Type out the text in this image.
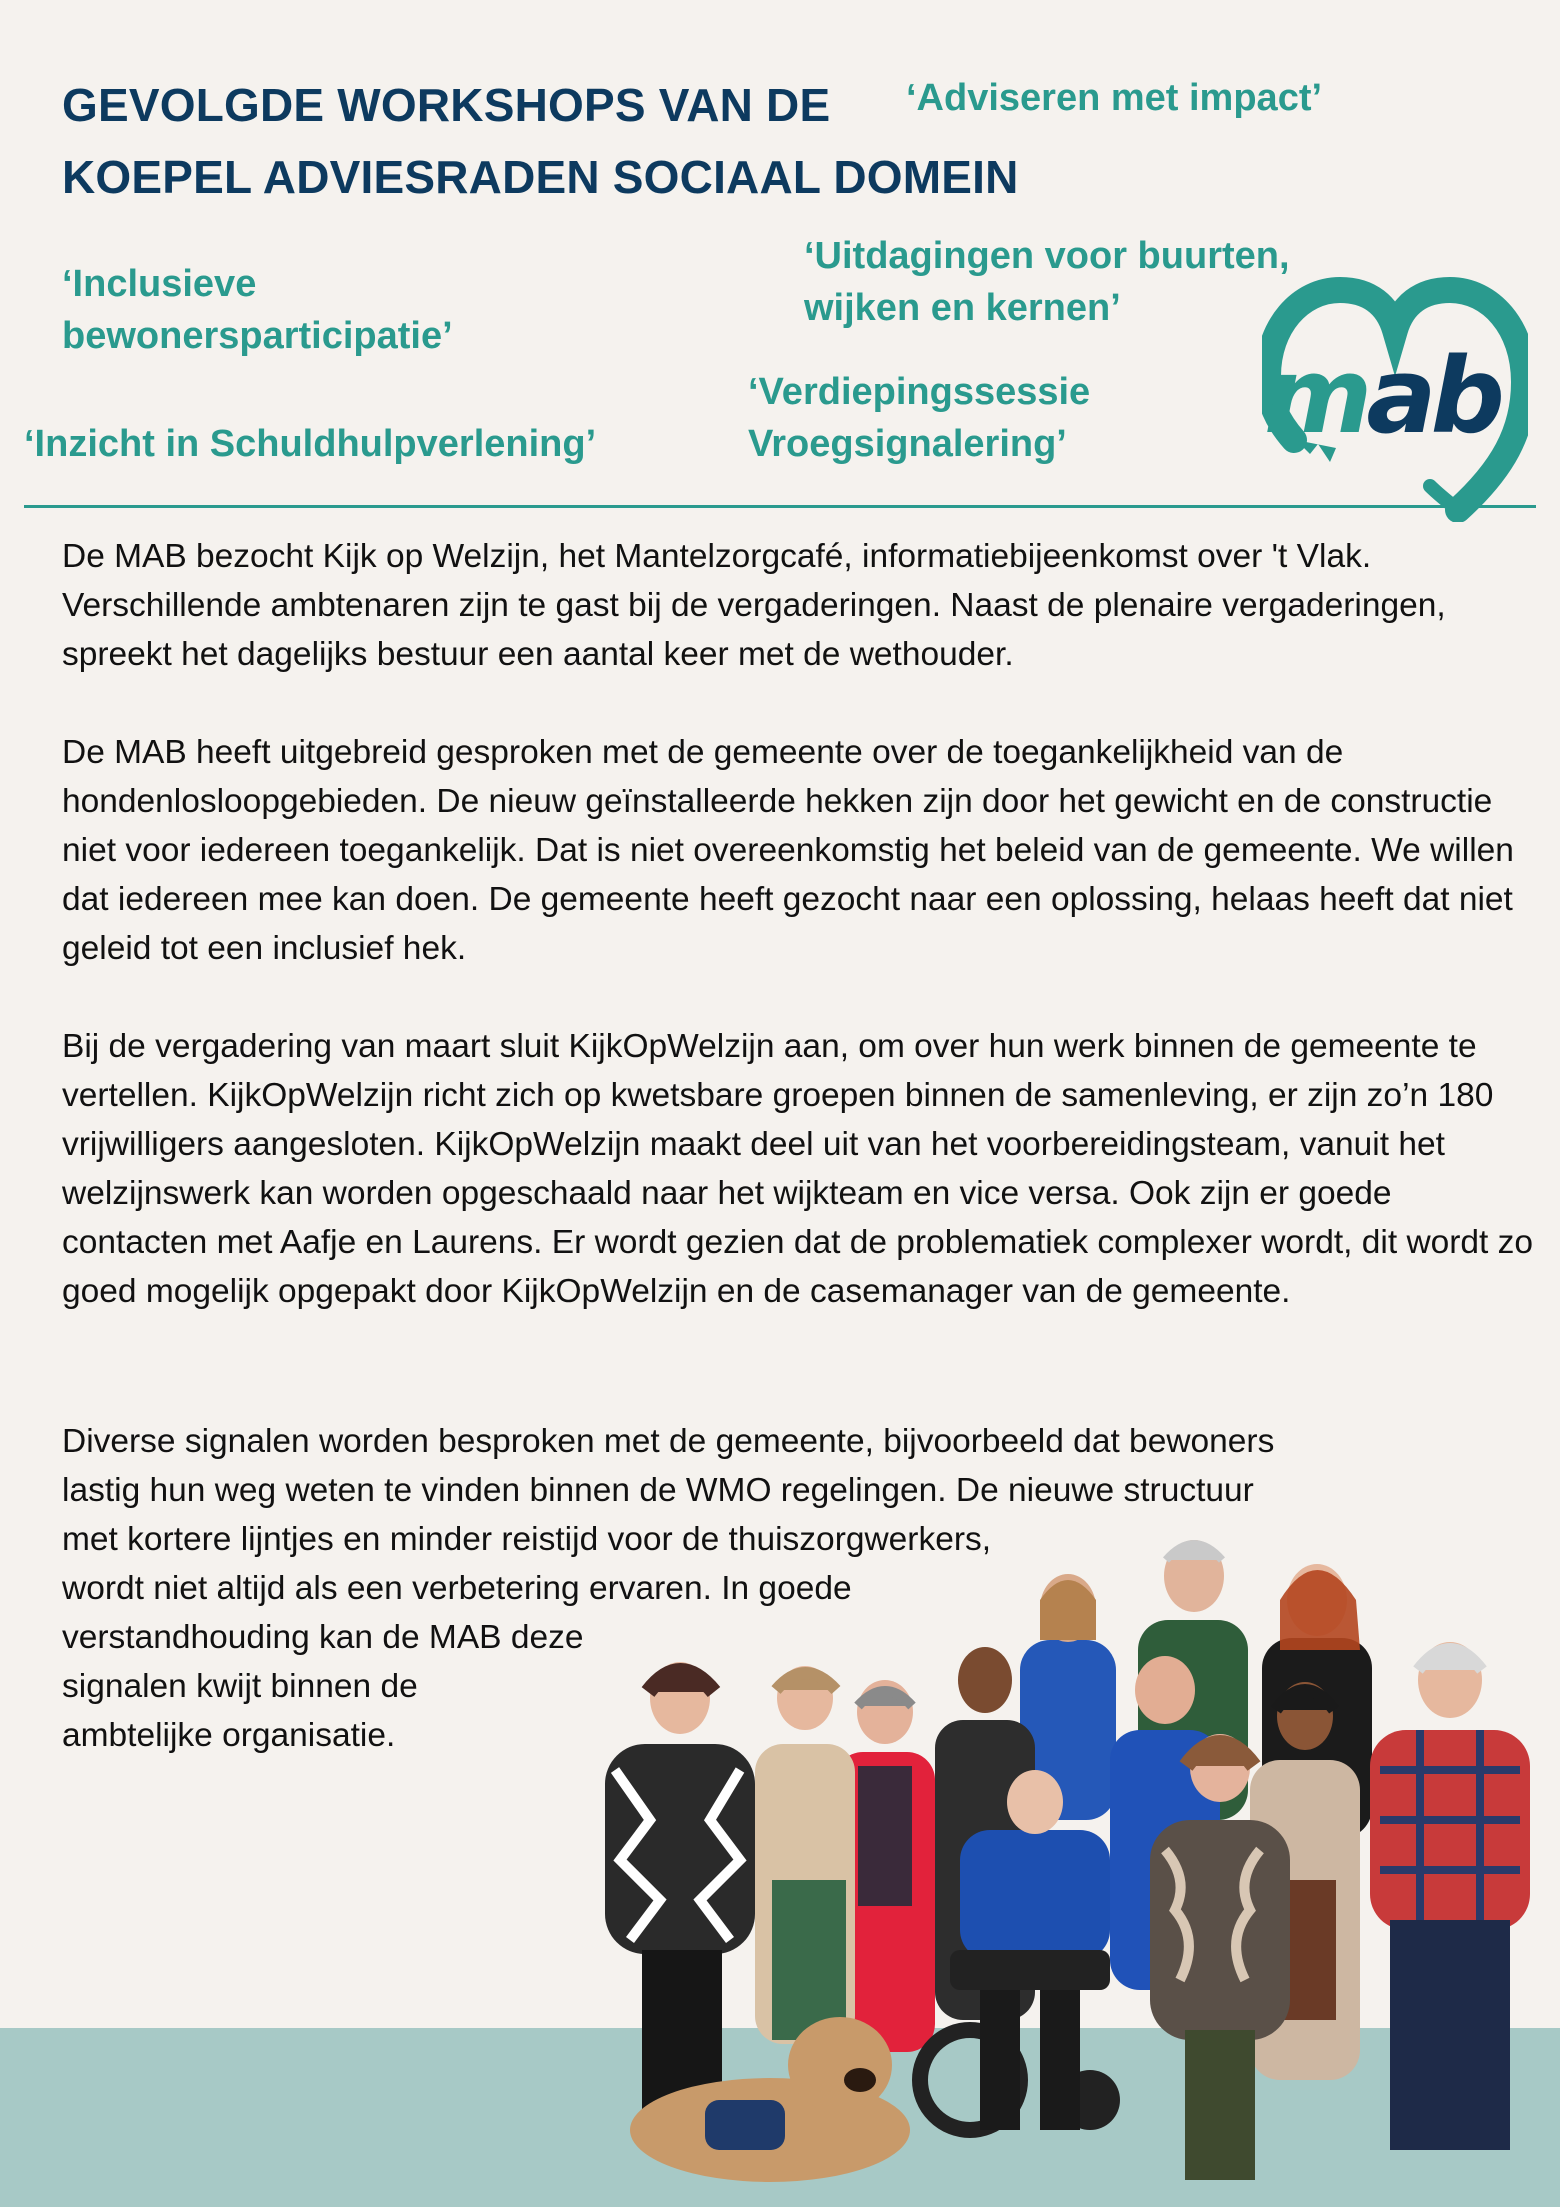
GEVOLGDE WORKSHOPS VAN DE
KOEPEL ADVIESRADEN SOCIAAL DOMEIN

‘Adviseren met impact’

‘Inclusieve
bewonersparticipatie’

‘Uitdagingen voor buurten,
wijken en kernen’

‘Verdiepingssessie
Vroegsignalering’

‘Inzicht in Schuldhulpverlening’	mab

De MAB bezocht Kijk op Welzijn, het Mantelzorgcafé, informatiebijeenkomst over 't Vlak. Verschillende ambtenaren zijn te gast bij de vergaderingen. Naast de plenaire vergaderingen, spreekt het dagelijks bestuur een aantal keer met de wethouder.

De MAB heeft uitgebreid gesproken met de gemeente over de toegankelijkheid van de hondenlosloopgebieden. De nieuw geïnstalleerde hekken zijn door het gewicht en de constructie niet voor iedereen toegankelijk. Dat is niet overeenkomstig het beleid van de gemeente. We willen dat iedereen mee kan doen. De gemeente heeft gezocht naar een oplossing, helaas heeft dat niet geleid tot een inclusief hek.

Bij de vergadering van maart sluit KijkOpWelzijn aan, om over hun werk binnen de gemeente te vertellen. KijkOpWelzijn richt zich op kwetsbare groepen binnen de samenleving, er zijn zo’n 180 vrijwilligers aangesloten. KijkOpWelzijn maakt deel uit van het voorbereidingsteam, vanuit het welzijnswerk kan worden opgeschaald naar het wijkteam en vice versa. Ook zijn er goede contacten met Aafje en Laurens. Er wordt gezien dat de problematiek complexer wordt, dit wordt zo goed mogelijk opgepakt door KijkOpWelzijn en de casemanager van de gemeente.

Diverse signalen worden besproken met de gemeente, bijvoorbeeld dat bewoners

lastig hun weg weten te vinden binnen de WMO regelingen. De nieuwe structuur

met kortere lijntjes en minder reistijd voor de thuiszorgwerkers,

wordt niet altijd als een verbetering ervaren. In goede

verstandhouding kan de MAB deze

signalen kwijt binnen de

ambtelijke organisatie.
